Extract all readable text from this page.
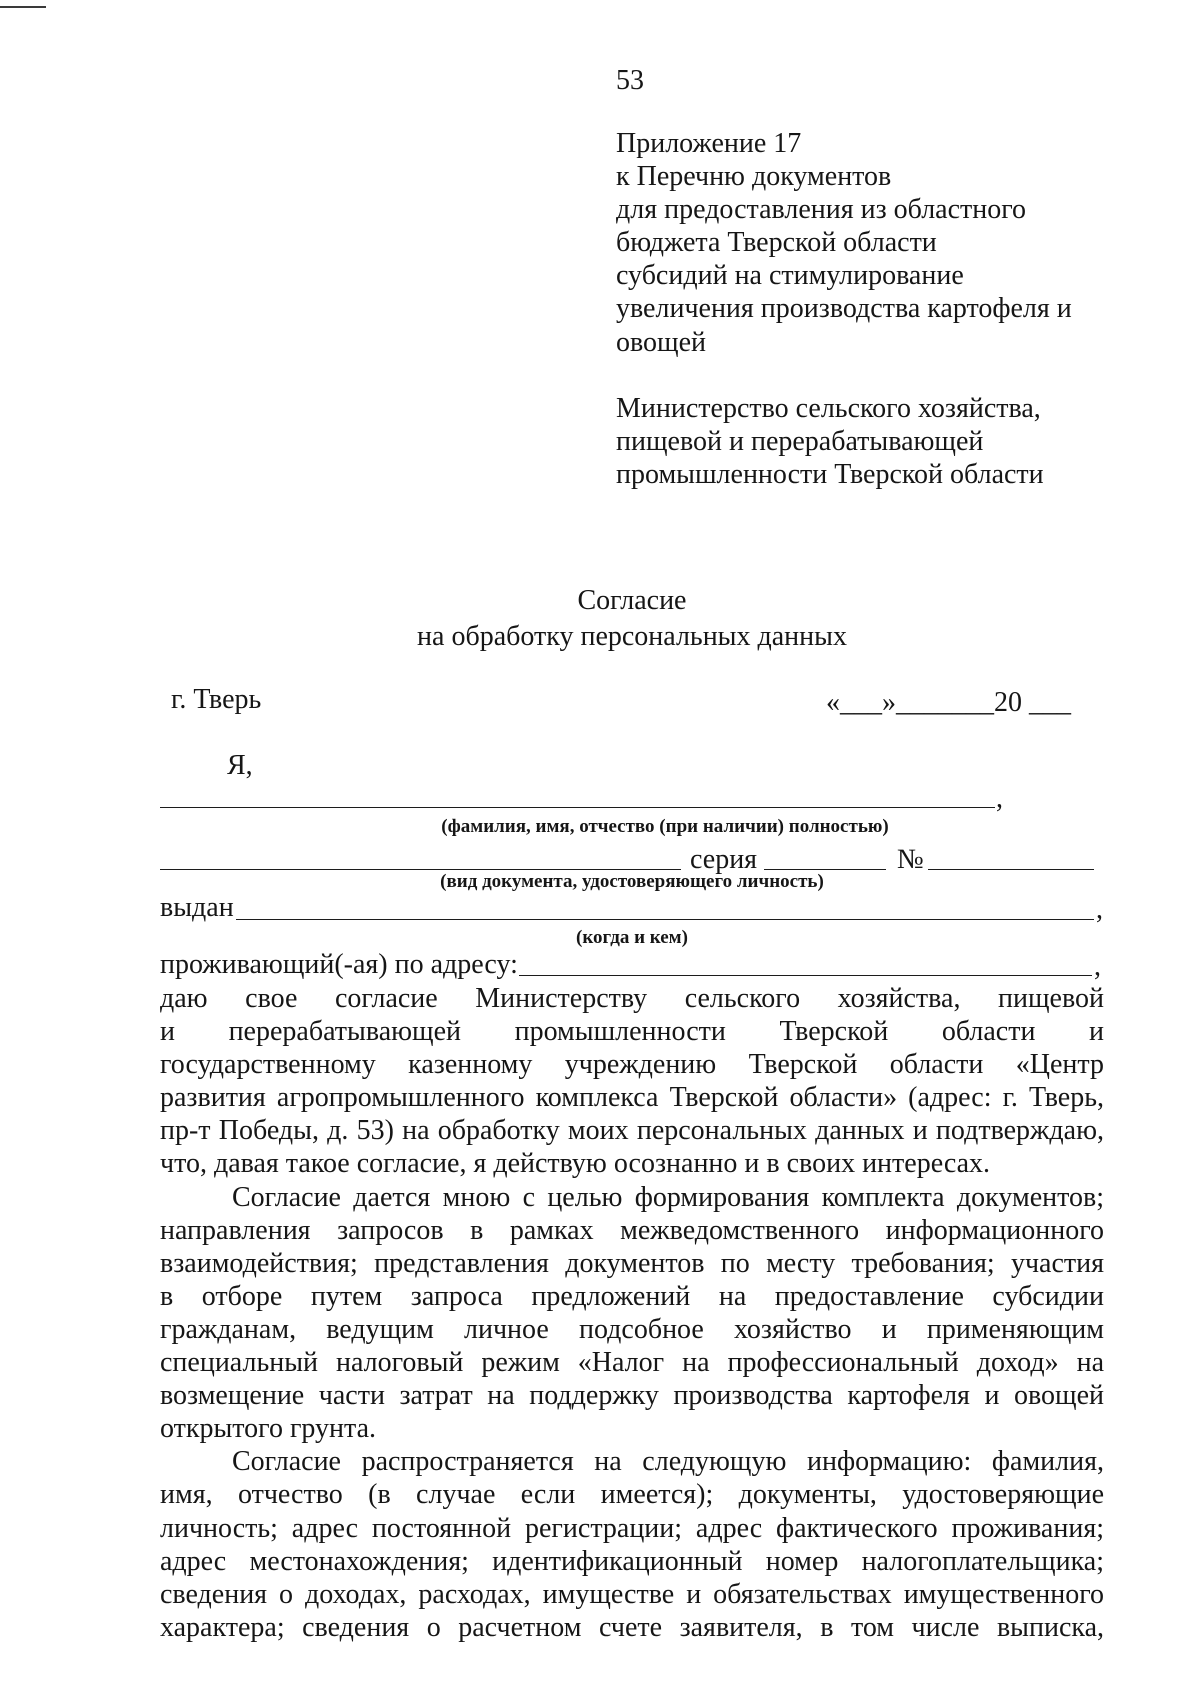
53
Приложение 17
к Перечню документов
для предоставления из областного
бюджета Тверской области
субсидий на стимулирование
увеличения производства картофеля и
овощей
Министерство сельского хозяйства,
пищевой и перерабатывающей
промышленности Тверской области
Согласие
на обработку персональных данных
г. Тверь	«___»_______20 ___
Я,
,
(фамилия, имя, отчество (при наличии) полностью)
серия	№
(вид документа, удостоверяющего личность)
выдан	,
(когда и кем)
проживающий(-ая) по адресу:	,
даю свое согласие Министерству сельского хозяйства, пищевой
и перерабатывающей промышленности Тверской области и
государственному казенному учреждению Тверской области «Центр
развития агропромышленного комплекса Тверской области» (адрес: г. Тверь,
пр-т Победы, д. 53) на обработку моих персональных данных и подтверждаю,
что, давая такое согласие, я действую осознанно и в своих интересах.
Согласие дается мною с целью формирования комплекта документов;
направления запросов в рамках межведомственного информационного
взаимодействия; представления документов по месту требования; участия
в отборе путем запроса предложений на предоставление субсидии
гражданам, ведущим личное подсобное хозяйство и применяющим
специальный налоговый режим «Налог на профессиональный доход» на
возмещение части затрат на поддержку производства картофеля и овощей
открытого грунта.
Согласие распространяется на следующую информацию: фамилия,
имя, отчество (в случае если имеется); документы, удостоверяющие
личность; адрес постоянной регистрации; адрес фактического проживания;
адрес местонахождения; идентификационный номер налогоплательщика;
сведения о доходах, расходах, имуществе и обязательствах имущественного
характера; сведения о расчетном счете заявителя, в том числе выписка,
